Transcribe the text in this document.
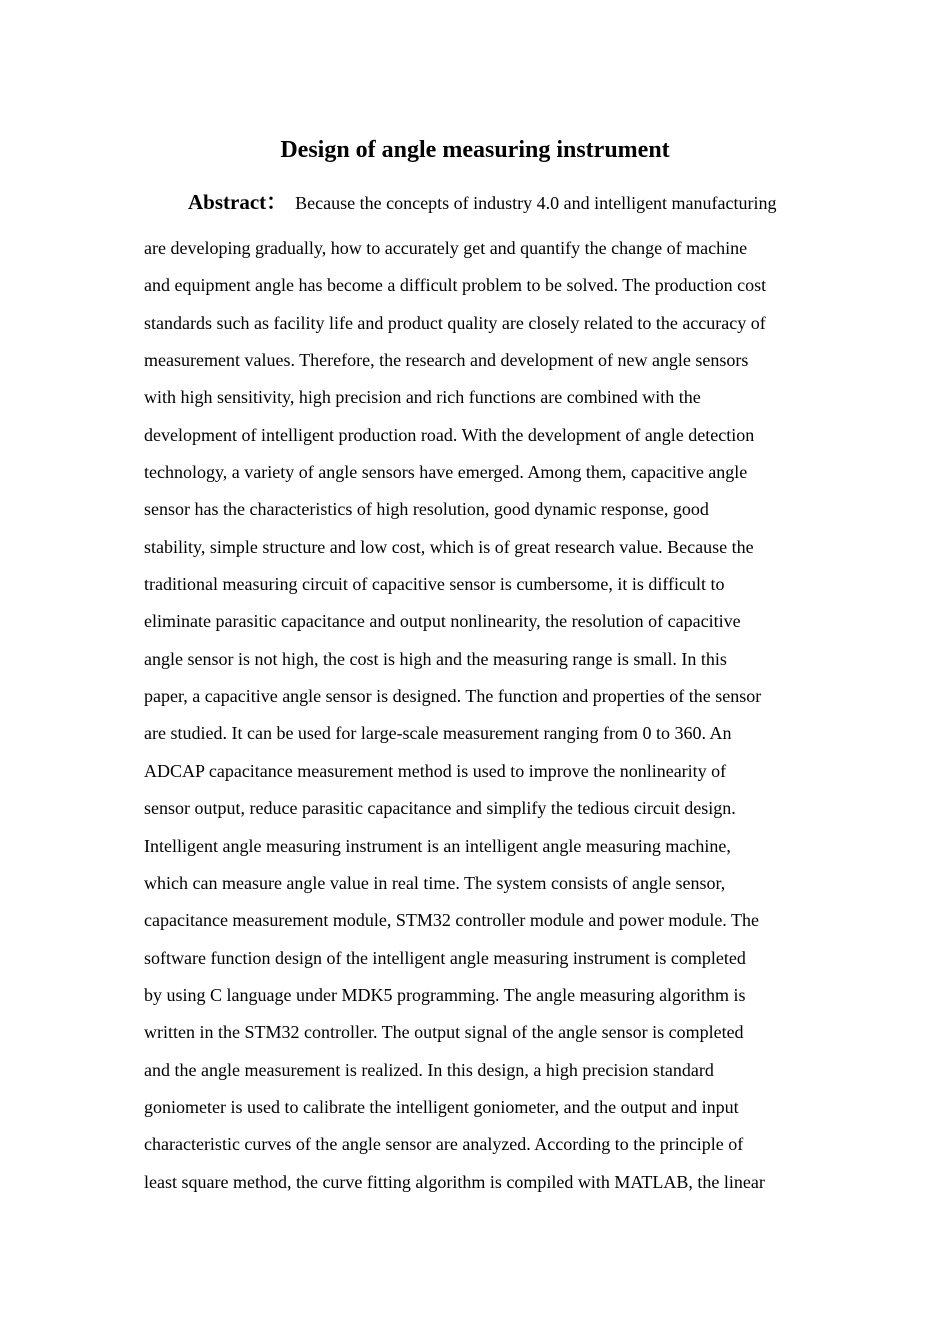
Design of angle measuring instrument
Abstract： Because the concepts of industry 4.0 and intelligent manufacturing
are developing gradually, how to accurately get and quantify the change of machine
and equipment angle has become a difficult problem to be solved. The production cost
standards such as facility life and product quality are closely related to the accuracy of
measurement values. Therefore, the research and development of new angle sensors
with high sensitivity, high precision and rich functions are combined with the
development of intelligent production road. With the development of angle detection
technology, a variety of angle sensors have emerged. Among them, capacitive angle
sensor has the characteristics of high resolution, good dynamic response, good
stability, simple structure and low cost, which is of great research value. Because the
traditional measuring circuit of capacitive sensor is cumbersome, it is difficult to
eliminate parasitic capacitance and output nonlinearity, the resolution of capacitive
angle sensor is not high, the cost is high and the measuring range is small. In this
paper, a capacitive angle sensor is designed. The function and properties of the sensor
are studied. It can be used for large-scale measurement ranging from 0 to 360. An
ADCAP capacitance measurement method is used to improve the nonlinearity of
sensor output, reduce parasitic capacitance and simplify the tedious circuit design.
Intelligent angle measuring instrument is an intelligent angle measuring machine,
which can measure angle value in real time. The system consists of angle sensor,
capacitance measurement module, STM32 controller module and power module. The
software function design of the intelligent angle measuring instrument is completed
by using C language under MDK5 programming. The angle measuring algorithm is
written in the STM32 controller. The output signal of the angle sensor is completed
and the angle measurement is realized. In this design, a high precision standard
goniometer is used to calibrate the intelligent goniometer, and the output and input
characteristic curves of the angle sensor are analyzed. According to the principle of
least square method, the curve fitting algorithm is compiled with MATLAB, the linear
